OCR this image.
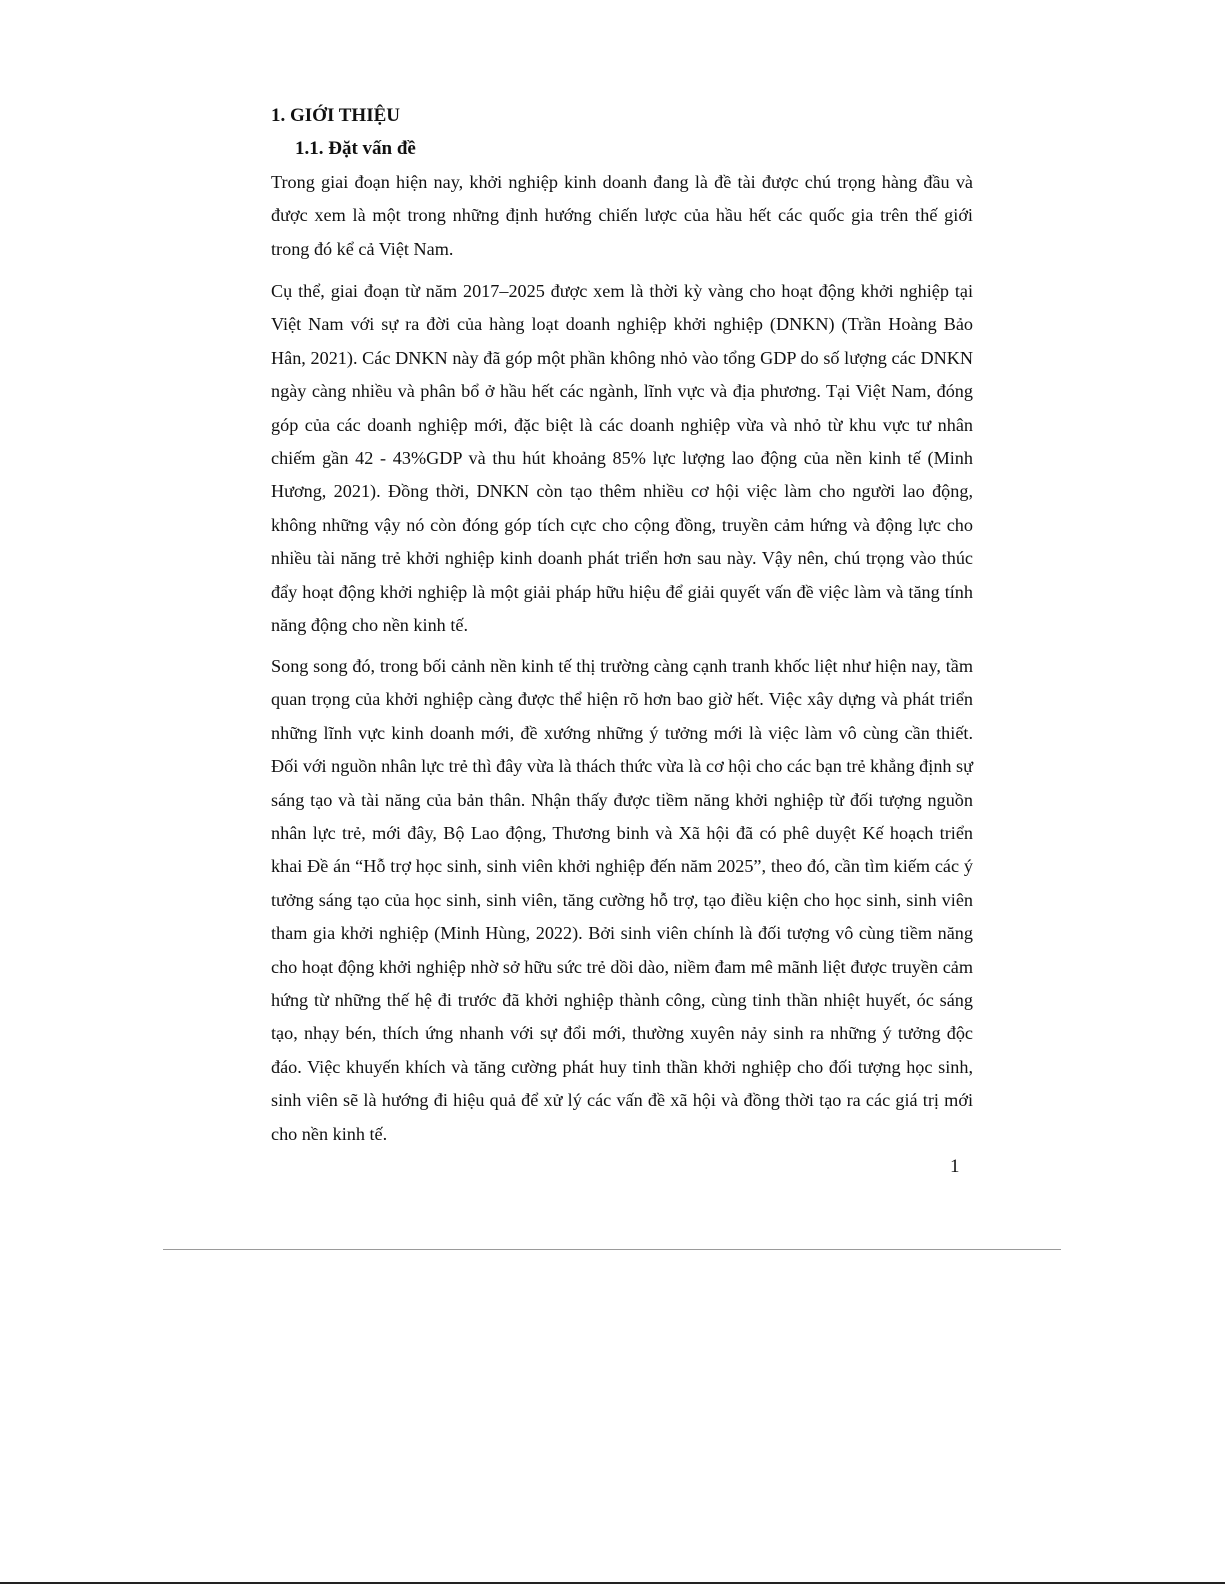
1. GIỚI THIỆU
1.1. Đặt vấn đề

Trong giai đoạn hiện nay, khởi nghiệp kinh doanh đang là đề tài được chú trọng hàng đầu và được xem là một trong những định hướng chiến lược của hầu hết các quốc gia trên thế giới trong đó kể cả Việt Nam.

Cụ thể, giai đoạn từ năm 2017–2025 được xem là thời kỳ vàng cho hoạt động khởi nghiệp tại Việt Nam với sự ra đời của hàng loạt doanh nghiệp khởi nghiệp (DNKN) (Trần Hoàng Bảo Hân, 2021). Các DNKN này đã góp một phần không nhỏ vào tổng GDP do số lượng các DNKN ngày càng nhiều và phân bổ ở hầu hết các ngành, lĩnh vực và địa phương. Tại Việt Nam, đóng góp của các doanh nghiệp mới, đặc biệt là các doanh nghiệp vừa và nhỏ từ khu vực tư nhân chiếm gần 42 - 43%GDP và thu hút khoảng 85% lực lượng lao động của nền kinh tế (Minh Hương, 2021). Đồng thời, DNKN còn tạo thêm nhiều cơ hội việc làm cho người lao động, không những vậy nó còn đóng góp tích cực cho cộng đồng, truyền cảm hứng và động lực cho nhiều tài năng trẻ khởi nghiệp kinh doanh phát triển hơn sau này. Vậy nên, chú trọng vào thúc đẩy hoạt động khởi nghiệp là một giải pháp hữu hiệu để giải quyết vấn đề việc làm và tăng tính năng động cho nền kinh tế.

Song song đó, trong bối cảnh nền kinh tế thị trường càng cạnh tranh khốc liệt như hiện nay, tầm quan trọng của khởi nghiệp càng được thể hiện rõ hơn bao giờ hết. Việc xây dựng và phát triển những lĩnh vực kinh doanh mới, đề xướng những ý tưởng mới là việc làm vô cùng cần thiết. Đối với nguồn nhân lực trẻ thì đây vừa là thách thức vừa là cơ hội cho các bạn trẻ khẳng định sự sáng tạo và tài năng của bản thân. Nhận thấy được tiềm năng khởi nghiệp từ đối tượng nguồn nhân lực trẻ, mới đây, Bộ Lao động, Thương binh và Xã hội đã có phê duyệt Kế hoạch triển khai Đề án “Hỗ trợ học sinh, sinh viên khởi nghiệp đến năm 2025”, theo đó, cần tìm kiếm các ý tưởng sáng tạo của học sinh, sinh viên, tăng cường hỗ trợ, tạo điều kiện cho học sinh, sinh viên tham gia khởi nghiệp (Minh Hùng, 2022). Bởi sinh viên chính là đối tượng vô cùng tiềm năng cho hoạt động khởi nghiệp nhờ sở hữu sức trẻ dồi dào, niềm đam mê mãnh liệt được truyền cảm hứng từ những thế hệ đi trước đã khởi nghiệp thành công, cùng tinh thần nhiệt huyết, óc sáng tạo, nhạy bén, thích ứng nhanh với sự đổi mới, thường xuyên nảy sinh ra những ý tưởng độc đáo. Việc khuyến khích và tăng cường phát huy tinh thần khởi nghiệp cho đối tượng học sinh, sinh viên sẽ là hướng đi hiệu quả để xử lý các vấn đề xã hội và đồng thời tạo ra các giá trị mới cho nền kinh tế.

1
